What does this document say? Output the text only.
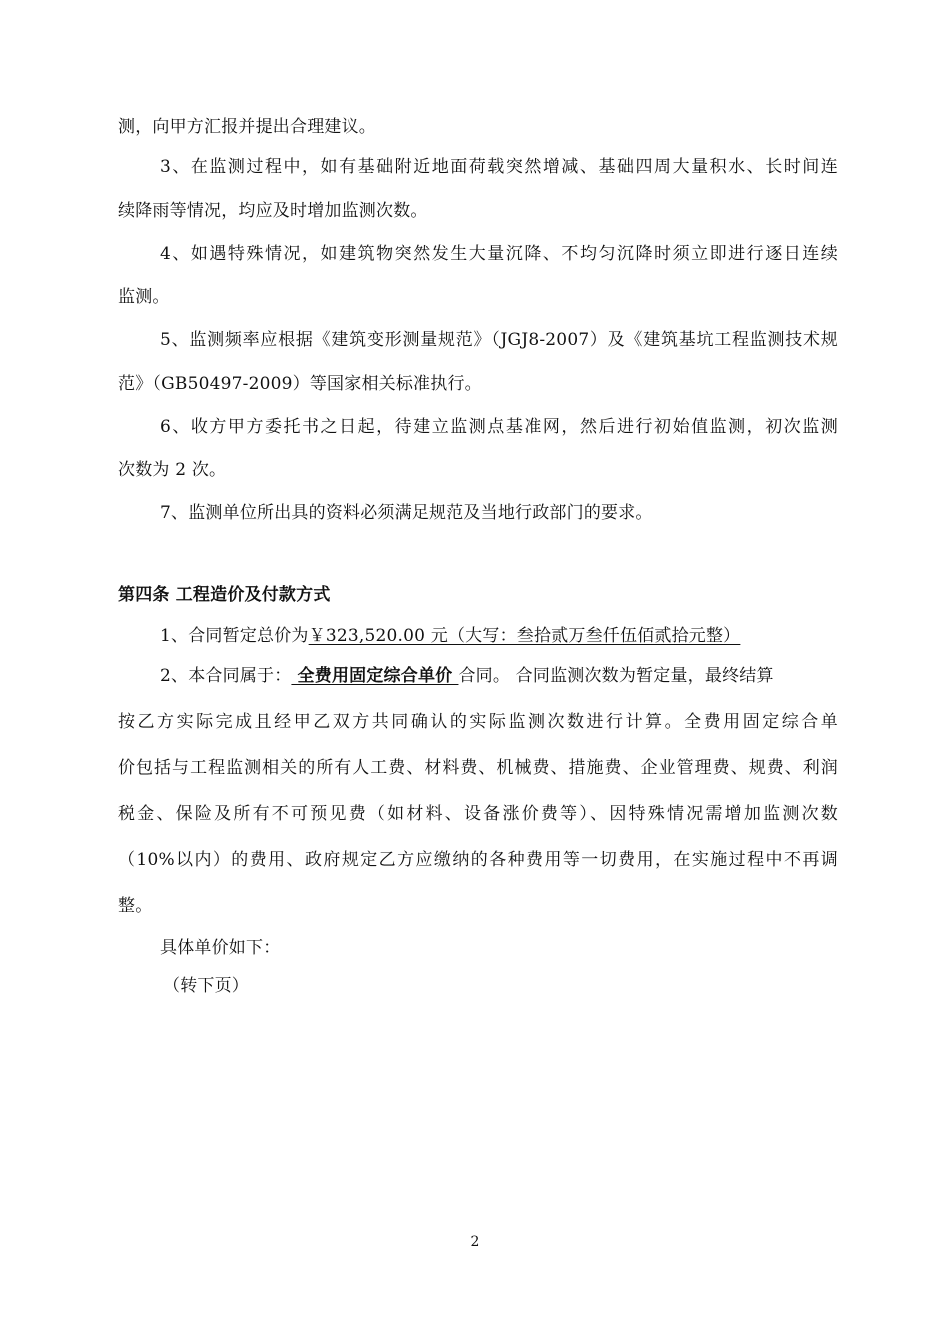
测，向甲方汇报并提出合理建议。
3、在监测过程中，如有基础附近地面荷载突然增减、基础四周大量积水、长时间连
续降雨等情况，均应及时增加监测次数。
4、如遇特殊情况，如建筑物突然发生大量沉降、不均匀沉降时须立即进行逐日连续
监测。
5、监测频率应根据《建筑变形测量规范》（JGJ8-2007）及《建筑基坑工程监测技术规
范》（GB50497-2009）等国家相关标准执行。
6、收方甲方委托书之日起，待建立监测点基准网，然后进行初始值监测，初次监测
次数为 2 次。
7、监测单位所出具的资料必须满足规范及当地行政部门的要求。
第四条 工程造价及付款方式
1、合同暂定总价为￥323,520.00 元（大写：叁拾贰万叁仟伍佰贰拾元整）
2、本合同属于： 全费用固定综合单价 合同。 合同监测次数为暂定量，最终结算
按乙方实际完成且经甲乙双方共同确认的实际监测次数进行计算。全费用固定综合单
价包括与工程监测相关的所有人工费、材料费、机械费、措施费、企业管理费、规费、利润
税金、保险及所有不可预见费（如材料、设备涨价费等）、因特殊情况需增加监测次数
（10%以内）的费用、政府规定乙方应缴纳的各种费用等一切费用，在实施过程中不再调
整。
具体单价如下：
（转下页）
2
